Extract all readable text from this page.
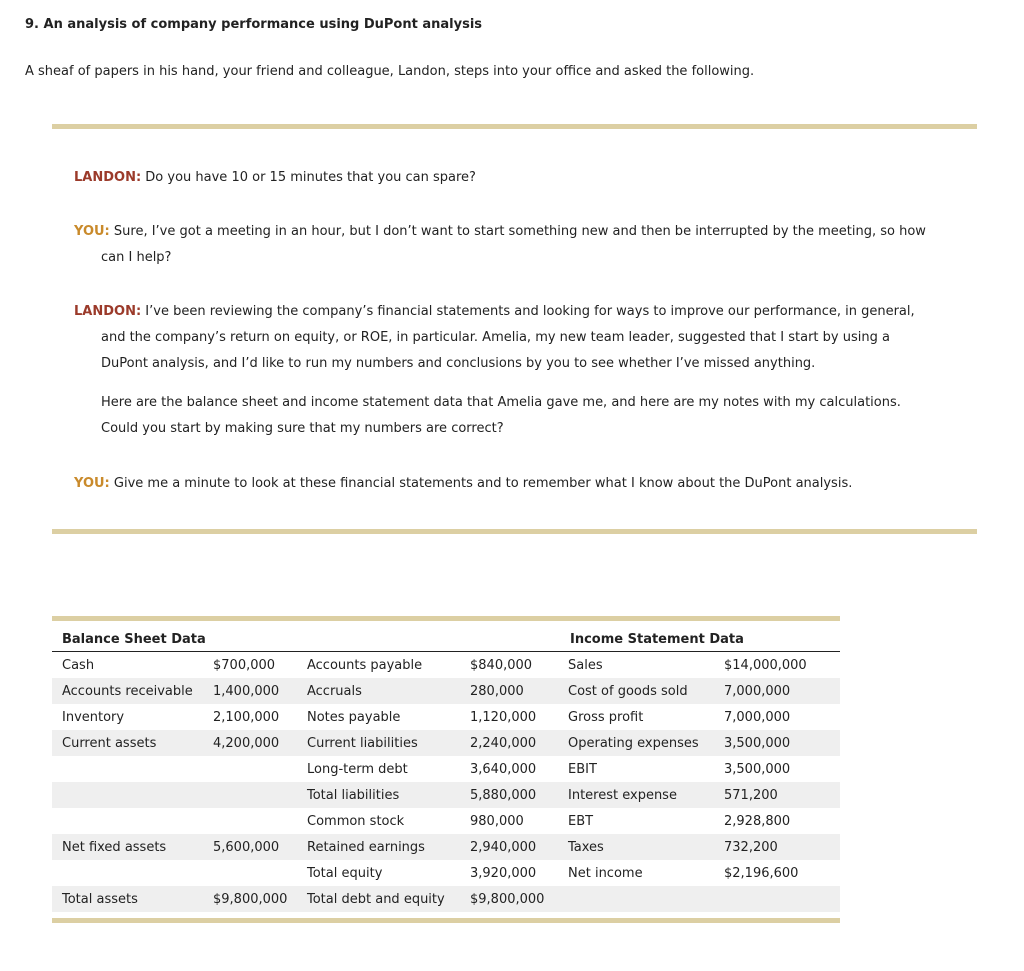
9. An analysis of company performance using DuPont analysis

A sheaf of papers in his hand, your friend and colleague, Landon, steps into your office and asked the following.

LANDON: Do you have 10 or 15 minutes that you can spare?

YOU: Sure, I’ve got a meeting in an hour, but I don’t want to start something new and then be interrupted by the meeting, so how
can I help?

LANDON: I’ve been reviewing the company’s financial statements and looking for ways to improve our performance, in general,
and the company’s return on equity, or ROE, in particular. Amelia, my new team leader, suggested that I start by using a
DuPont analysis, and I’d like to run my numbers and conclusions by you to see whether I’ve missed anything.

Here are the balance sheet and income statement data that Amelia gave me, and here are my notes with my calculations.
Could you start by making sure that my numbers are correct?

YOU: Give me a minute to look at these financial statements and to remember what I know about the DuPont analysis.

Balance Sheet Data				Income Statement Data	
Cash	$700,000	Accounts payable	$840,000	Sales	$14,000,000
Accounts receivable	1,400,000	Accruals	280,000	Cost of goods sold	7,000,000
Inventory	2,100,000	Notes payable	1,120,000	Gross profit	7,000,000
Current assets	4,200,000	Current liabilities	2,240,000	Operating expenses	3,500,000
		Long-term debt	3,640,000	EBIT	3,500,000
		Total liabilities	5,880,000	Interest expense	571,200
		Common stock	980,000	EBT	2,928,800
Net fixed assets	5,600,000	Retained earnings	2,940,000	Taxes	732,200
		Total equity	3,920,000	Net income	$2,196,600
Total assets	$9,800,000	Total debt and equity	$9,800,000		
